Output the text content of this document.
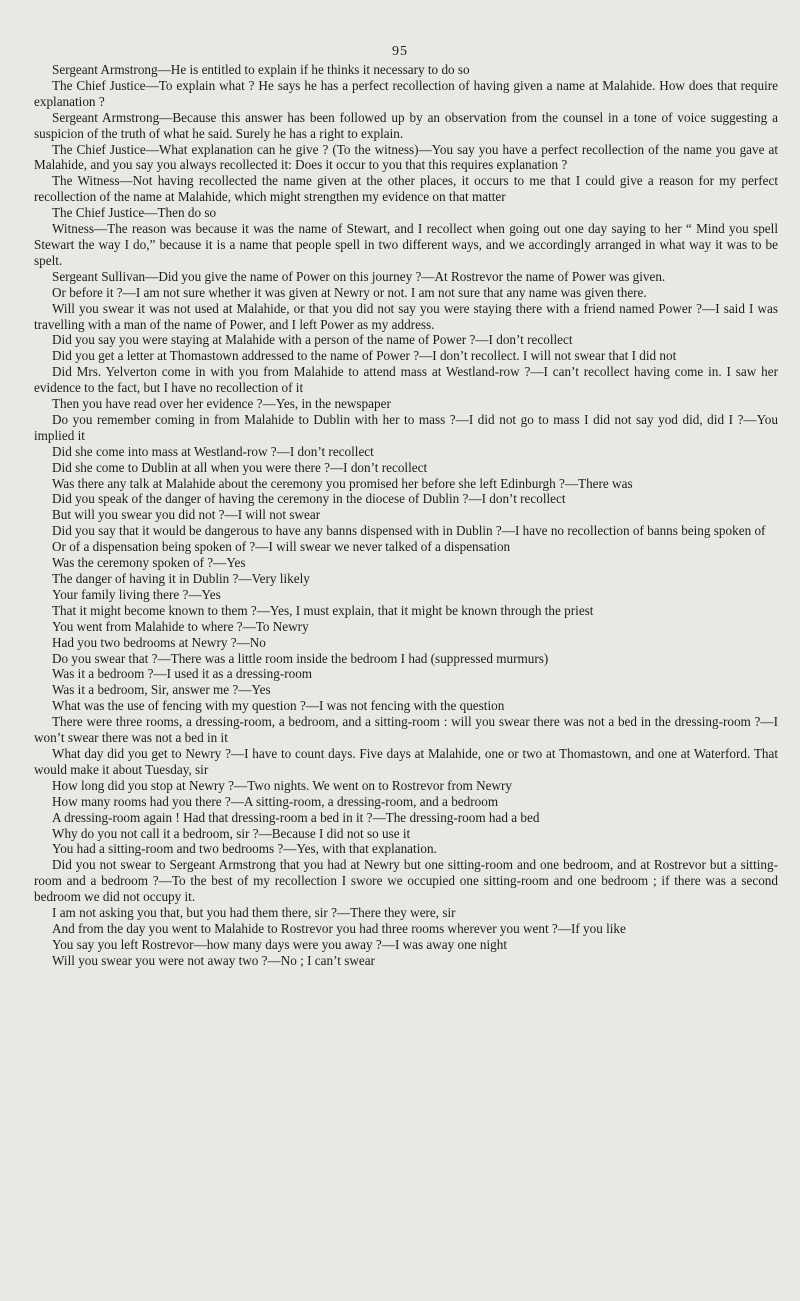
95

Sergeant Armstrong—He is entitled to explain if he thinks it necessary to do so

The Chief Justice—To explain what ? He says he has a perfect recollection of having given a name at Malahide. How does that require explanation ?

Sergeant Armstrong—Because this answer has been followed up by an observation from the counsel in a tone of voice suggesting a suspicion of the truth of what he said. Surely he has a right to explain.

The Chief Justice—What explanation can he give ? (To the witness)—You say you have a perfect recollection of the name you gave at Malahide, and you say you always recollected it: Does it occur to you that this requires explanation ?

The Witness—Not having recollected the name given at the other places, it occurs to me that I could give a reason for my perfect recollection of the name at Malahide, which might strengthen my evidence on that matter

The Chief Justice—Then do so

Witness—The reason was because it was the name of Stewart, and I recollect when going out one day saying to her “ Mind you spell Stewart the way I do,” because it is a name that people spell in two different ways, and we accordingly arranged in what way it was to be spelt.

Sergeant Sullivan—Did you give the name of Power on this journey ?—At Rostrevor the name of Power was given.

Or before it ?—I am not sure whether it was given at Newry or not. I am not sure that any name was given there.

Will you swear it was not used at Malahide, or that you did not say you were staying there with a friend named Power ?—I said I was travelling with a man of the name of Power, and I left Power as my address.

Did you say you were staying at Malahide with a person of the name of Power ?—I don’t recollect

Did you get a letter at Thomastown addressed to the name of Power ?—I don’t recollect. I will not swear that I did not

Did Mrs. Yelverton come in with you from Malahide to attend mass at Westland-row ?—I can’t recollect having come in. I saw her evidence to the fact, but I have no recollection of it

Then you have read over her evidence ?—Yes, in the newspaper

Do you remember coming in from Malahide to Dublin with her to mass ?—I did not go to mass I did not say yod did, did I ?—You implied it

Did she come into mass at Westland-row ?—I don’t recollect

Did she come to Dublin at all when you were there ?—I don’t recollect

Was there any talk at Malahide about the ceremony you promised her before she left Edinburgh ?—There was

Did you speak of the danger of having the ceremony in the diocese of Dublin ?—I don’t recollect

But will you swear you did not ?—I will not swear

Did you say that it would be dangerous to have any banns dispensed with in Dublin ?—I have no recollection of banns being spoken of

Or of a dispensation being spoken of ?—I will swear we never talked of a dispensation

Was the ceremony spoken of ?—Yes

The danger of having it in Dublin ?—Very likely

Your family living there ?—Yes

That it might become known to them ?—Yes, I must explain, that it might be known through the priest

You went from Malahide to where ?—To Newry

Had you two bedrooms at Newry ?—No

Do you swear that ?—There was a little room inside the bedroom I had (suppressed murmurs)

Was it a bedroom ?—I used it as a dressing-room

Was it a bedroom, Sir, answer me ?—Yes

What was the use of fencing with my question ?—I was not fencing with the question

There were three rooms, a dressing-room, a bedroom, and a sitting-room : will you swear there was not a bed in the dressing-room ?—I won’t swear there was not a bed in it

What day did you get to Newry ?—I have to count days. Five days at Malahide, one or two at Thomastown, and one at Waterford. That would make it about Tuesday, sir

How long did you stop at Newry ?—Two nights. We went on to Rostrevor from Newry

How many rooms had you there ?—A sitting-room, a dressing-room, and a bedroom

A dressing-room again ! Had that dressing-room a bed in it ?—The dressing-room had a bed

Why do you not call it a bedroom, sir ?—Because I did not so use it

You had a sitting-room and two bedrooms ?—Yes, with that explanation.

Did you not swear to Sergeant Armstrong that you had at Newry but one sitting-room and one bedroom, and at Rostrevor but a sitting-room and a bedroom ?—To the best of my recollection I swore we occupied one sitting-room and one bedroom ; if there was a second bedroom we did not occupy it.

I am not asking you that, but you had them there, sir ?—There they were, sir

And from the day you went to Malahide to Rostrevor you had three rooms wherever you went ?—If you like

You say you left Rostrevor—how many days were you away ?—I was away one night

Will you swear you were not away two ?—No ; I can’t swear
